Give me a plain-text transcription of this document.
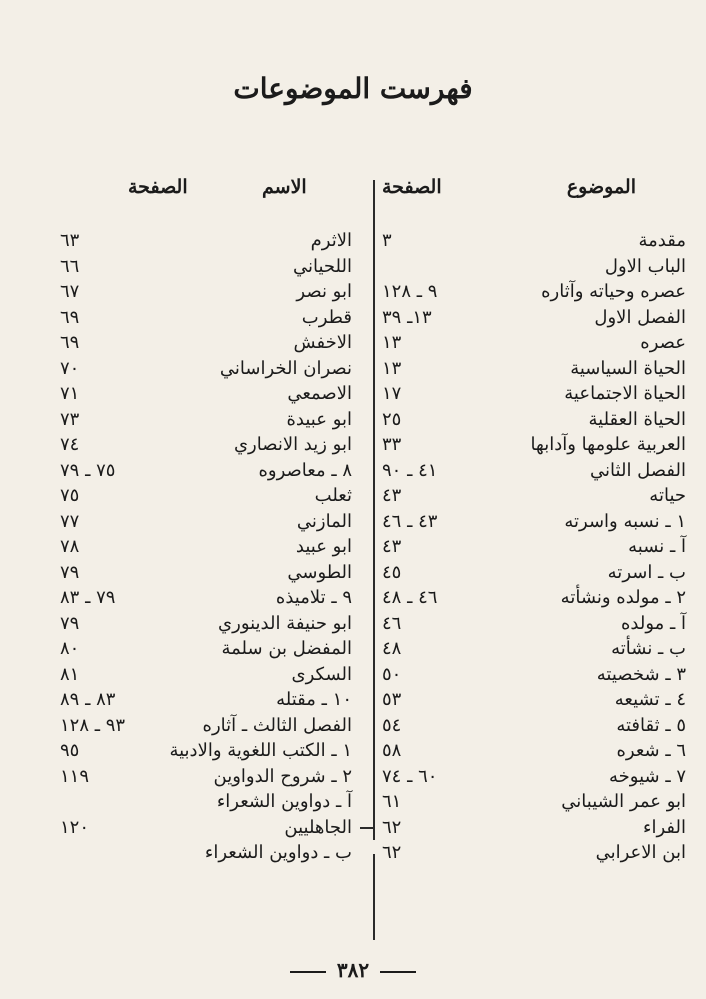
فهرست الموضوعات
الموضوع
الصفحة
الاسم
الصفحة
مقدمة
٣
الباب الاول
عصره وحياته وآثاره
٩ ـ ١٢٨
الفصل الاول
١٣ـ ٣٩
عصره
١٣
الحياة السياسية
١٣
الحياة الاجتماعية
١٧
الحياة العقلية
٢٥
العربية علومها وآدابها
٣٣
الفصل الثاني
٤١ ـ ٩٠
حياته
٤٣
١ ـ نسبه واسرته
٤٣ ـ ٤٦
آ ـ نسبه
٤٣
ب ـ اسرته
٤٥
٢ ـ مولده ونشأته
٤٦ ـ ٤٨
آ ـ مولده
٤٦
ب ـ نشأته
٤٨
٣ ـ شخصيته
٥٠
٤ ـ تشيعه
٥٣
٥ ـ ثقافته
٥٤
٦ ـ شعره
٥٨
٧ ـ شيوخه
٦٠ ـ ٧٤
ابو عمر الشيباني
٦١
الفراء
٦٢
ابن الاعرابي
٦٢
الاثرم
٦٣
اللحياني
٦٦
ابو نصر
٦٧
قطرب
٦٩
الاخفش
٦٩
نصران الخراساني
٧٠
الاصمعي
٧١
ابو عبيدة
٧٣
ابو زيد الانصاري
٧٤
٨ ـ معاصروه
٧٥ ـ ٧٩
ثعلب
٧٥
المازني
٧٧
ابو عبيد
٧٨
الطوسي
٧٩
٩ ـ تلاميذه
٧٩ ـ ٨٣
ابو حنيفة الدينوري
٧٩
المفضل بن سلمة
٨٠
السكرى
٨١
١٠ ـ مقتله
٨٣ ـ ٨٩
الفصل الثالث ـ آثاره
٩٣ ـ ١٢٨
١ ـ الكتب اللغوية والادبية
٩٥
٢ ـ شروح الدواوين
١١٩
آ ـ دواوين الشعراء
الجاهليين
١٢٠
ب ـ دواوين الشعراء
٣٨٢
